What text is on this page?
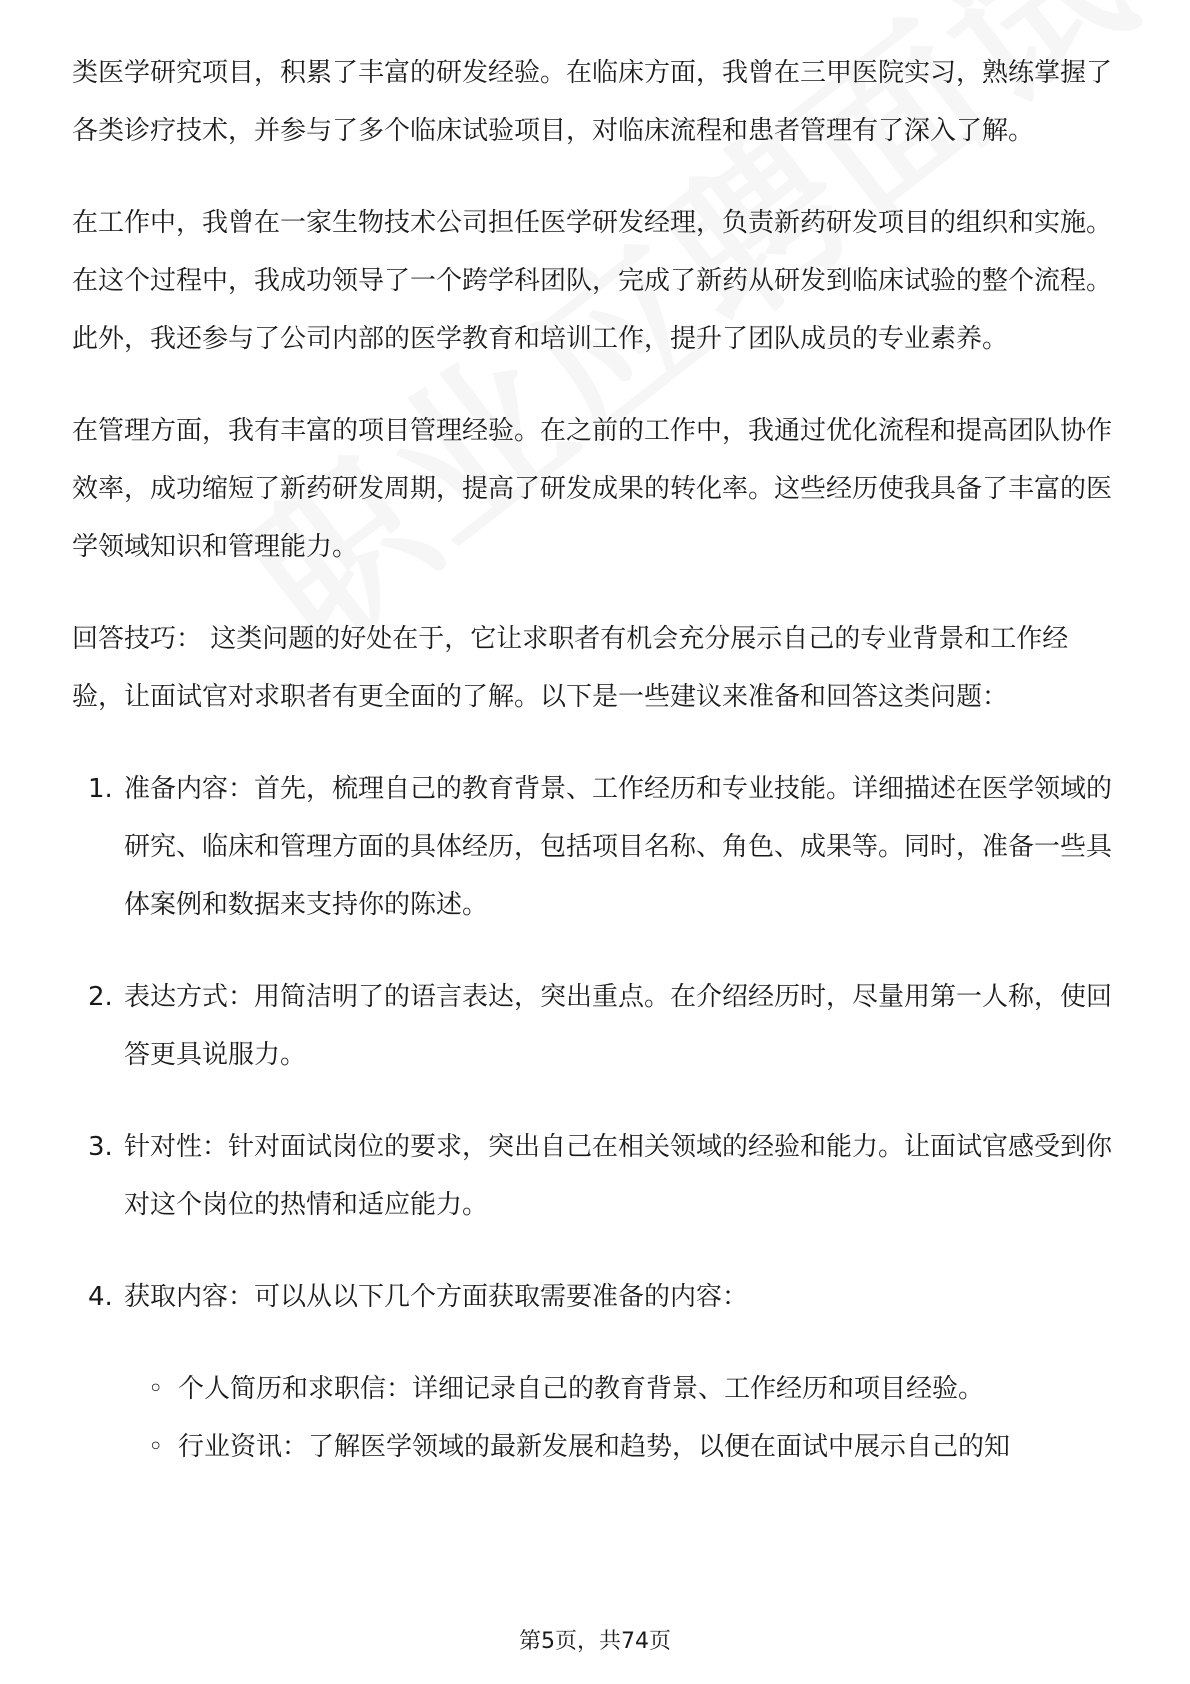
类医学研究项目，积累了丰富的研发经验。在临床方面，我曾在三甲医院实习，熟练掌握了各类诊疗技术，并参与了多个临床试验项目，对临床流程和患者管理有了深入了解。

在工作中，我曾在一家生物技术公司担任医学研发经理，负责新药研发项目的组织和实施。在这个过程中，我成功领导了一个跨学科团队，完成了新药从研发到临床试验的整个流程。此外，我还参与了公司内部的医学教育和培训工作，提升了团队成员的专业素养。

在管理方面，我有丰富的项目管理经验。在之前的工作中，我通过优化流程和提高团队协作效率，成功缩短了新药研发周期，提高了研发成果的转化率。这些经历使我具备了丰富的医学领域知识和管理能力。

回答技巧： 这类问题的好处在于，它让求职者有机会充分展示自己的专业背景和工作经验，让面试官对求职者有更全面的了解。以下是一些建议来准备和回答这类问题：

1. 准备内容：首先，梳理自己的教育背景、工作经历和专业技能。详细描述在医学领域的研究、临床和管理方面的具体经历，包括项目名称、角色、成果等。同时，准备一些具体案例和数据来支持你的陈述。
2. 表达方式：用简洁明了的语言表达，突出重点。在介绍经历时，尽量用第一人称，使回答更具说服力。
3. 针对性：针对面试岗位的要求，突出自己在相关领域的经验和能力。让面试官感受到你对这个岗位的热情和适应能力。
4. 获取内容：可以从以下几个方面获取需要准备的内容：
◦ 个人简历和求职信：详细记录自己的教育背景、工作经历和项目经验。
◦ 行业资讯：了解医学领域的最新发展和趋势，以便在面试中展示自己的知
第5页，共74页
